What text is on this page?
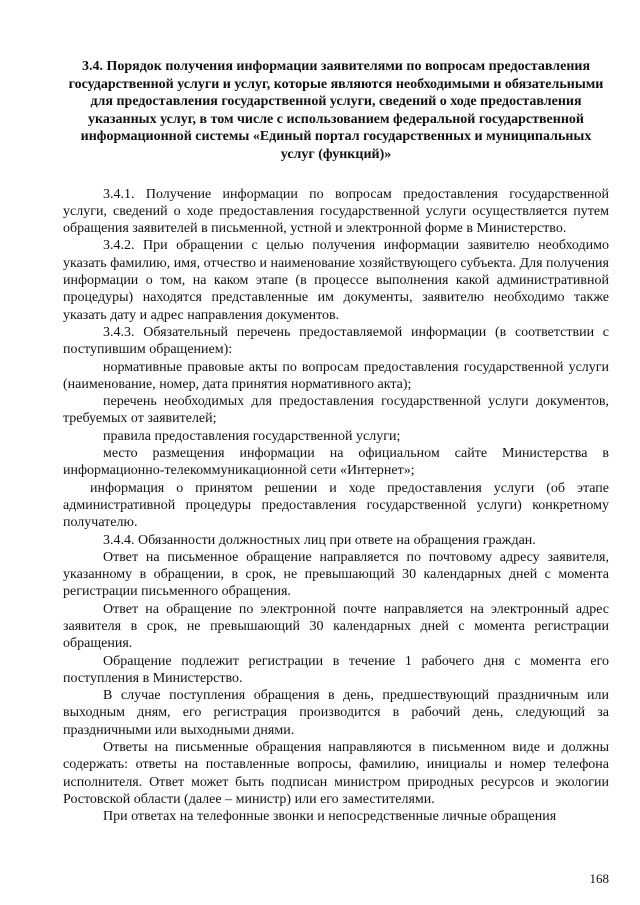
3.4. Порядок получения информации заявителями по вопросам предоставления государственной услуги и услуг, которые являются необходимыми и обязательными для предоставления государственной услуги, сведений о ходе предоставления указанных услуг, в том числе с использованием федеральной государственной информационной системы «Единый портал государственных и муниципальных услуг (функций)»

3.4.1. Получение информации по вопросам предоставления государственной услуги, сведений о ходе предоставления государственной услуги осуществляется путем обращения заявителей в письменной, устной и электронной форме в Министерство.

3.4.2. При обращении с целью получения информации заявителю необходимо указать фамилию, имя, отчество и наименование хозяйствующего субъекта. Для получения информации о том, на каком этапе (в процессе выполнения какой административной процедуры) находятся представленные им документы, заявителю необходимо также указать дату и адрес направления документов.

3.4.3. Обязательный перечень предоставляемой информации (в соответствии с поступившим обращением):

нормативные правовые акты по вопросам предоставления государственной услуги (наименование, номер, дата принятия нормативного акта);

перечень необходимых для предоставления государственной услуги документов, требуемых от заявителей;

правила предоставления государственной услуги;

место размещения информации на официальном сайте Министерства в информационно-телекоммуникационной сети «Интернет»;

информация о принятом решении и ходе предоставления услуги (об этапе административной процедуры предоставления государственной услуги) конкретному получателю.

3.4.4. Обязанности должностных лиц при ответе на обращения граждан.

Ответ на письменное обращение направляется по почтовому адресу заявителя, указанному в обращении, в срок, не превышающий 30 календарных дней с момента регистрации письменного обращения.

Ответ на обращение по электронной почте направляется на электронный адрес заявителя в срок, не превышающий 30 календарных дней с момента регистрации обращения.

Обращение подлежит регистрации в течение 1 рабочего дня с момента его поступления в Министерство.

В случае поступления обращения в день, предшествующий праздничным или выходным дням, его регистрация производится в рабочий день, следующий за праздничными или выходными днями.

Ответы на письменные обращения направляются в письменном виде и должны содержать: ответы на поставленные вопросы, фамилию, инициалы и номер телефона исполнителя. Ответ может быть подписан министром природных ресурсов и экологии Ростовской области (далее – министр) или его заместителями.

При ответах на телефонные звонки и непосредственные личные обращения

168
